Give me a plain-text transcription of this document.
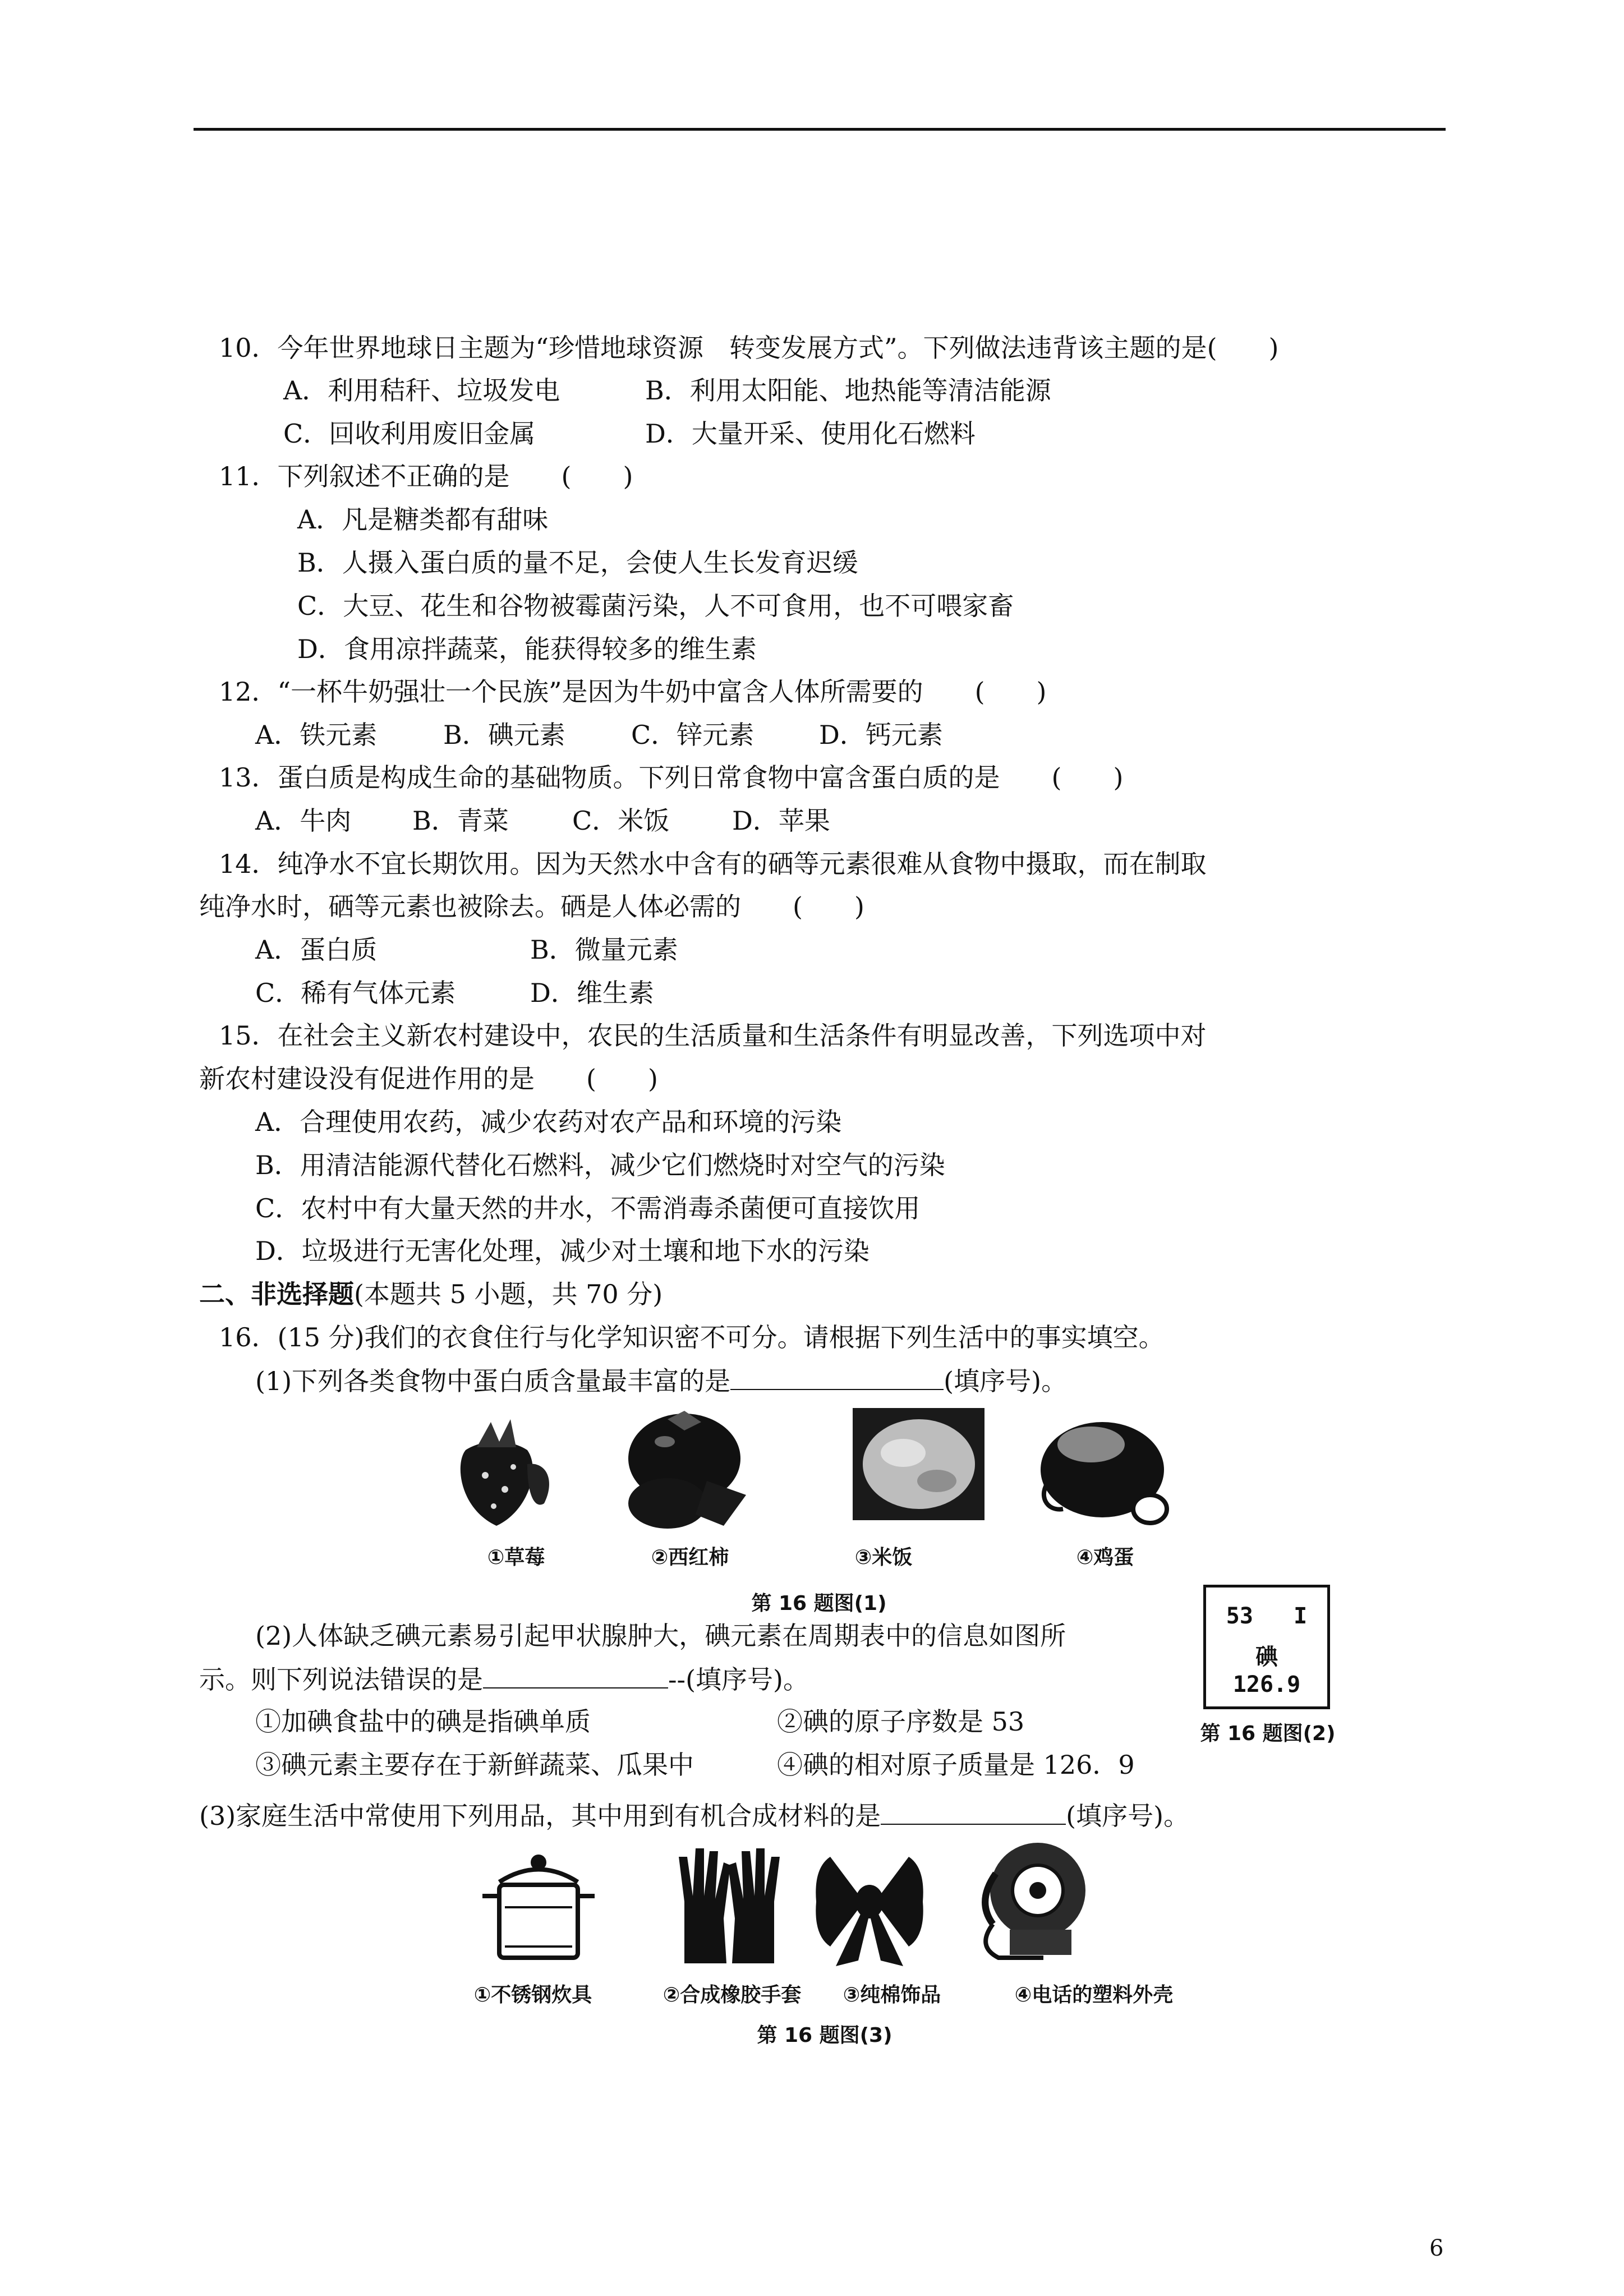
10．今年世界地球日主题为“珍惜地球资源　转变发展方式”。下列做法违背该主题的是(　　)
A．利用秸秆、垃圾发电	B．利用太阳能、地热能等清洁能源
C．回收利用废旧金属	D．大量开采、使用化石燃料
11．下列叙述不正确的是　　(　　)
A．凡是糖类都有甜味
B．人摄入蛋白质的量不足，会使人生长发育迟缓
C．大豆、花生和谷物被霉菌污染，人不可食用，也不可喂家畜
D．食用凉拌蔬菜，能获得较多的维生素
12．“一杯牛奶强壮一个民族”是因为牛奶中富含人体所需要的　　(　　)
A．铁元素	B．碘元素	C．锌元素	D．钙元素
13．蛋白质是构成生命的基础物质。下列日常食物中富含蛋白质的是　　(　　)
A．牛肉 B．青菜 C．米饭 D．苹果
14．纯净水不宜长期饮用。因为天然水中含有的硒等元素很难从食物中摄取，而在制取
纯净水时，硒等元素也被除去。硒是人体必需的　　(　　)
A．蛋白质	B．微量元素
C．稀有气体元素	D．维生素
15．在社会主义新农村建设中，农民的生活质量和生活条件有明显改善，下列选项中对
新农村建设没有促进作用的是　　(　　)
A．合理使用农药，减少农药对农产品和环境的污染
B．用清洁能源代替化石燃料，减少它们燃烧时对空气的污染
C．农村中有大量天然的井水，不需消毒杀菌便可直接饮用
D．垃圾进行无害化处理，减少对土壤和地下水的污染
二、非选择题(本题共 5 小题，共 70 分)
16．(15 分)我们的衣食住行与化学知识密不可分。请根据下列生活中的事实填空。
(1)下列各类食物中蛋白质含量最丰富的是	(填序号)。
①草莓	②西红柿	③米饭	④鸡蛋
第 16 题图(1)
(2)人体缺乏碘元素易引起甲状腺肿大，碘元素在周期表中的信息如图所
示。则下列说法错误的是	--(填序号)。
①加碘食盐中的碘是指碘单质	②碘的原子序数是 53
③碘元素主要存在于新鲜蔬菜、瓜果中	④碘的相对原子质量是 126．9
53 I
碘
126.9
第 16 题图(2)
(3)家庭生活中常使用下列用品，其中用到有机合成材料的是	(填序号)。
①不锈钢炊具	②合成橡胶手套	③纯棉饰品	④电话的塑料外壳
第 16 题图(3)
6
